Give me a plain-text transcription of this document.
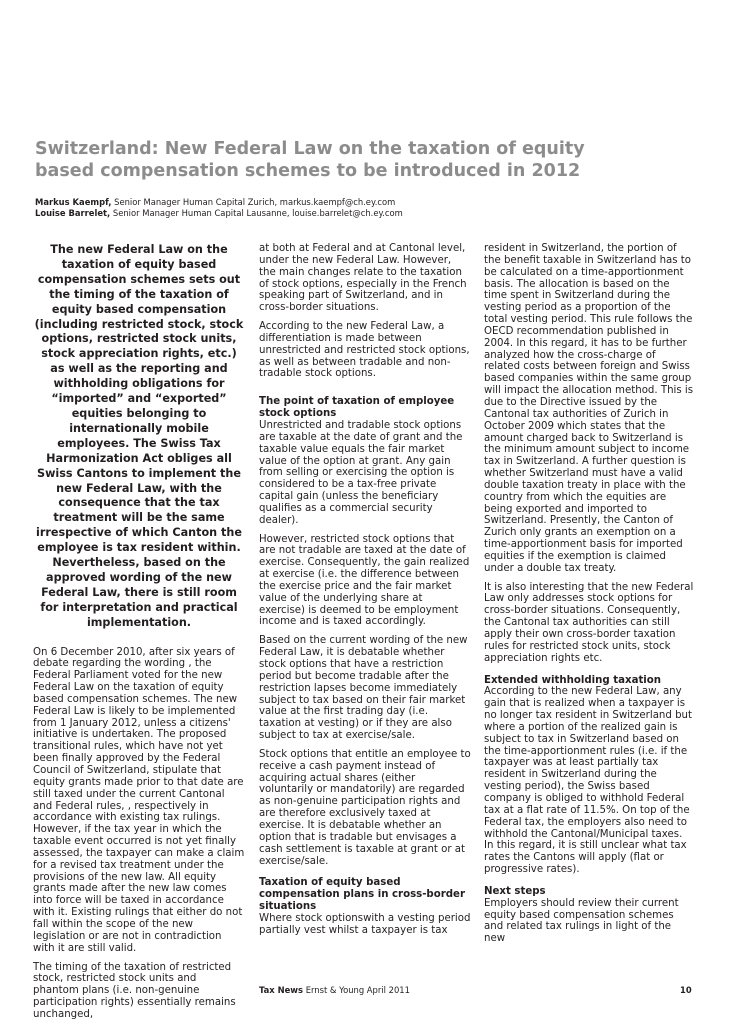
Switzerland: New Federal Law on the taxation of equity
based compensation schemes to be introduced in 2012
Markus Kaempf, Senior Manager Human Capital Zurich, markus.kaempf@ch.ey.com
Louise Barrelet, Senior Manager Human Capital Lausanne, louise.barrelet@ch.ey.com

The new Federal Law on the taxation of equity based compensation schemes sets out the timing of the taxation of equity based compensation (including restricted stock, stock options, restricted stock units, stock appreciation rights, etc.) as well as the reporting and withholding obligations for “imported” and “exported” equities belonging to internationally mobile employees. The Swiss Tax Harmonization Act obliges all Swiss Cantons to implement the new Federal Law, with the consequence that the tax treatment will be the same irrespective of which Canton the employee is tax resident within. Nevertheless, based on the approved wording of the new Federal Law, there is still room for interpretation and practical implementation.

On 6 December 2010, after six years of debate regarding the wording , the Federal Parliament voted for the new Federal Law on the taxation of equity based compensation schemes. The new Federal Law is likely to be implemented from 1 January 2012, unless a citizens' initiative is undertaken. The proposed transitional rules, which have not yet been finally approved by the Federal Council of Switzerland, stipulate that equity grants made prior to that date are still taxed under the current Cantonal and Federal rules, , respectively in accordance with existing tax rulings. However, if the tax year in which the taxable event occurred is not yet finally assessed, the taxpayer can make a claim for a revised tax treatment under the provisions of the new law. All equity grants made after the new law comes into force will be taxed in accordance with it. Existing rulings that either do not fall within the scope of the new legislation or are not in contradiction with it are still valid.

The timing of the taxation of restricted stock, restricted stock units and phantom plans (i.e. non-genuine participation rights) essentially remains unchanged,

at both at Federal and at Cantonal level, under the new Federal Law. However, the main changes relate to the taxation of stock options, especially in the French speaking part of Switzerland, and in cross-border situations.

According to the new Federal Law, a differentiation is made between unrestricted and restricted stock options, as well as between tradable and non-tradable stock options.

The point of taxation of employee stock options

Unrestricted and tradable stock options are taxable at the date of grant and the taxable value equals the fair market value of the option at grant. Any gain from selling or exercising the option is considered to be a tax-free private capital gain (unless the beneficiary qualifies as a commercial security dealer).

However, restricted stock options that are not tradable are taxed at the date of exercise. Consequently, the gain realized at exercise (i.e. the difference between the exercise price and the fair market value of the underlying share at exercise) is deemed to be employment income and is taxed accordingly.

Based on the current wording of the new Federal Law, it is debatable whether stock options that have a restriction period but become tradable after the restriction lapses become immediately subject to tax based on their fair market value at the first trading day (i.e. taxation at vesting) or if they are also subject to tax at exercise/sale.

Stock options that entitle an employee to receive a cash payment instead of acquiring actual shares (either voluntarily or mandatorily) are regarded as non-genuine participation rights and are therefore exclusively taxed at exercise. It is debatable whether an option that is tradable but envisages a cash settlement is taxable at grant or at exercise/sale.

Taxation of equity based compensation plans in cross-border situations

Where stock optionswith a vesting period partially vest whilst a taxpayer is tax

resident in Switzerland, the portion of the benefit taxable in Switzerland has to be calculated on a time-apportionment basis. The allocation is based on the time spent in Switzerland during the vesting period as a proportion of the total vesting period. This rule follows the OECD recommendation published in 2004. In this regard, it has to be further analyzed how the cross-charge of related costs between foreign and Swiss based companies within the same group will impact the allocation method. This is due to the Directive issued by the Cantonal tax authorities of Zurich in October 2009 which states that the amount charged back to Switzerland is the minimum amount subject to income tax in Switzerland. A further question is whether Switzerland must have a valid double taxation treaty in place with the country from which the equities are being exported and imported to Switzerland. Presently, the Canton of Zurich only grants an exemption on a time-apportionment basis for imported equities if the exemption is claimed under a double tax treaty.

It is also interesting that the new Federal Law only addresses stock options for cross-border situations. Consequently, the Cantonal tax authorities can still apply their own cross-border taxation rules for restricted stock units, stock appreciation rights etc.

Extended withholding taxation

According to the new Federal Law, any gain that is realized when a taxpayer is no longer tax resident in Switzerland but where a portion of the realized gain is subject to tax in Switzerland based on the time-apportionment rules (i.e. if the taxpayer was at least partially tax resident in Switzerland during the vesting period), the Swiss based company is obliged to withhold Federal tax at a flat rate of 11.5%. On top of the Federal tax, the employers also need to withhold the Cantonal/Municipal taxes. In this regard, it is still unclear what tax rates the Cantons will apply (flat or progressive rates).

Next steps

Employers should review their current equity based compensation schemes and related tax rulings in light of the new

Tax News Ernst & Young April 2011	10
